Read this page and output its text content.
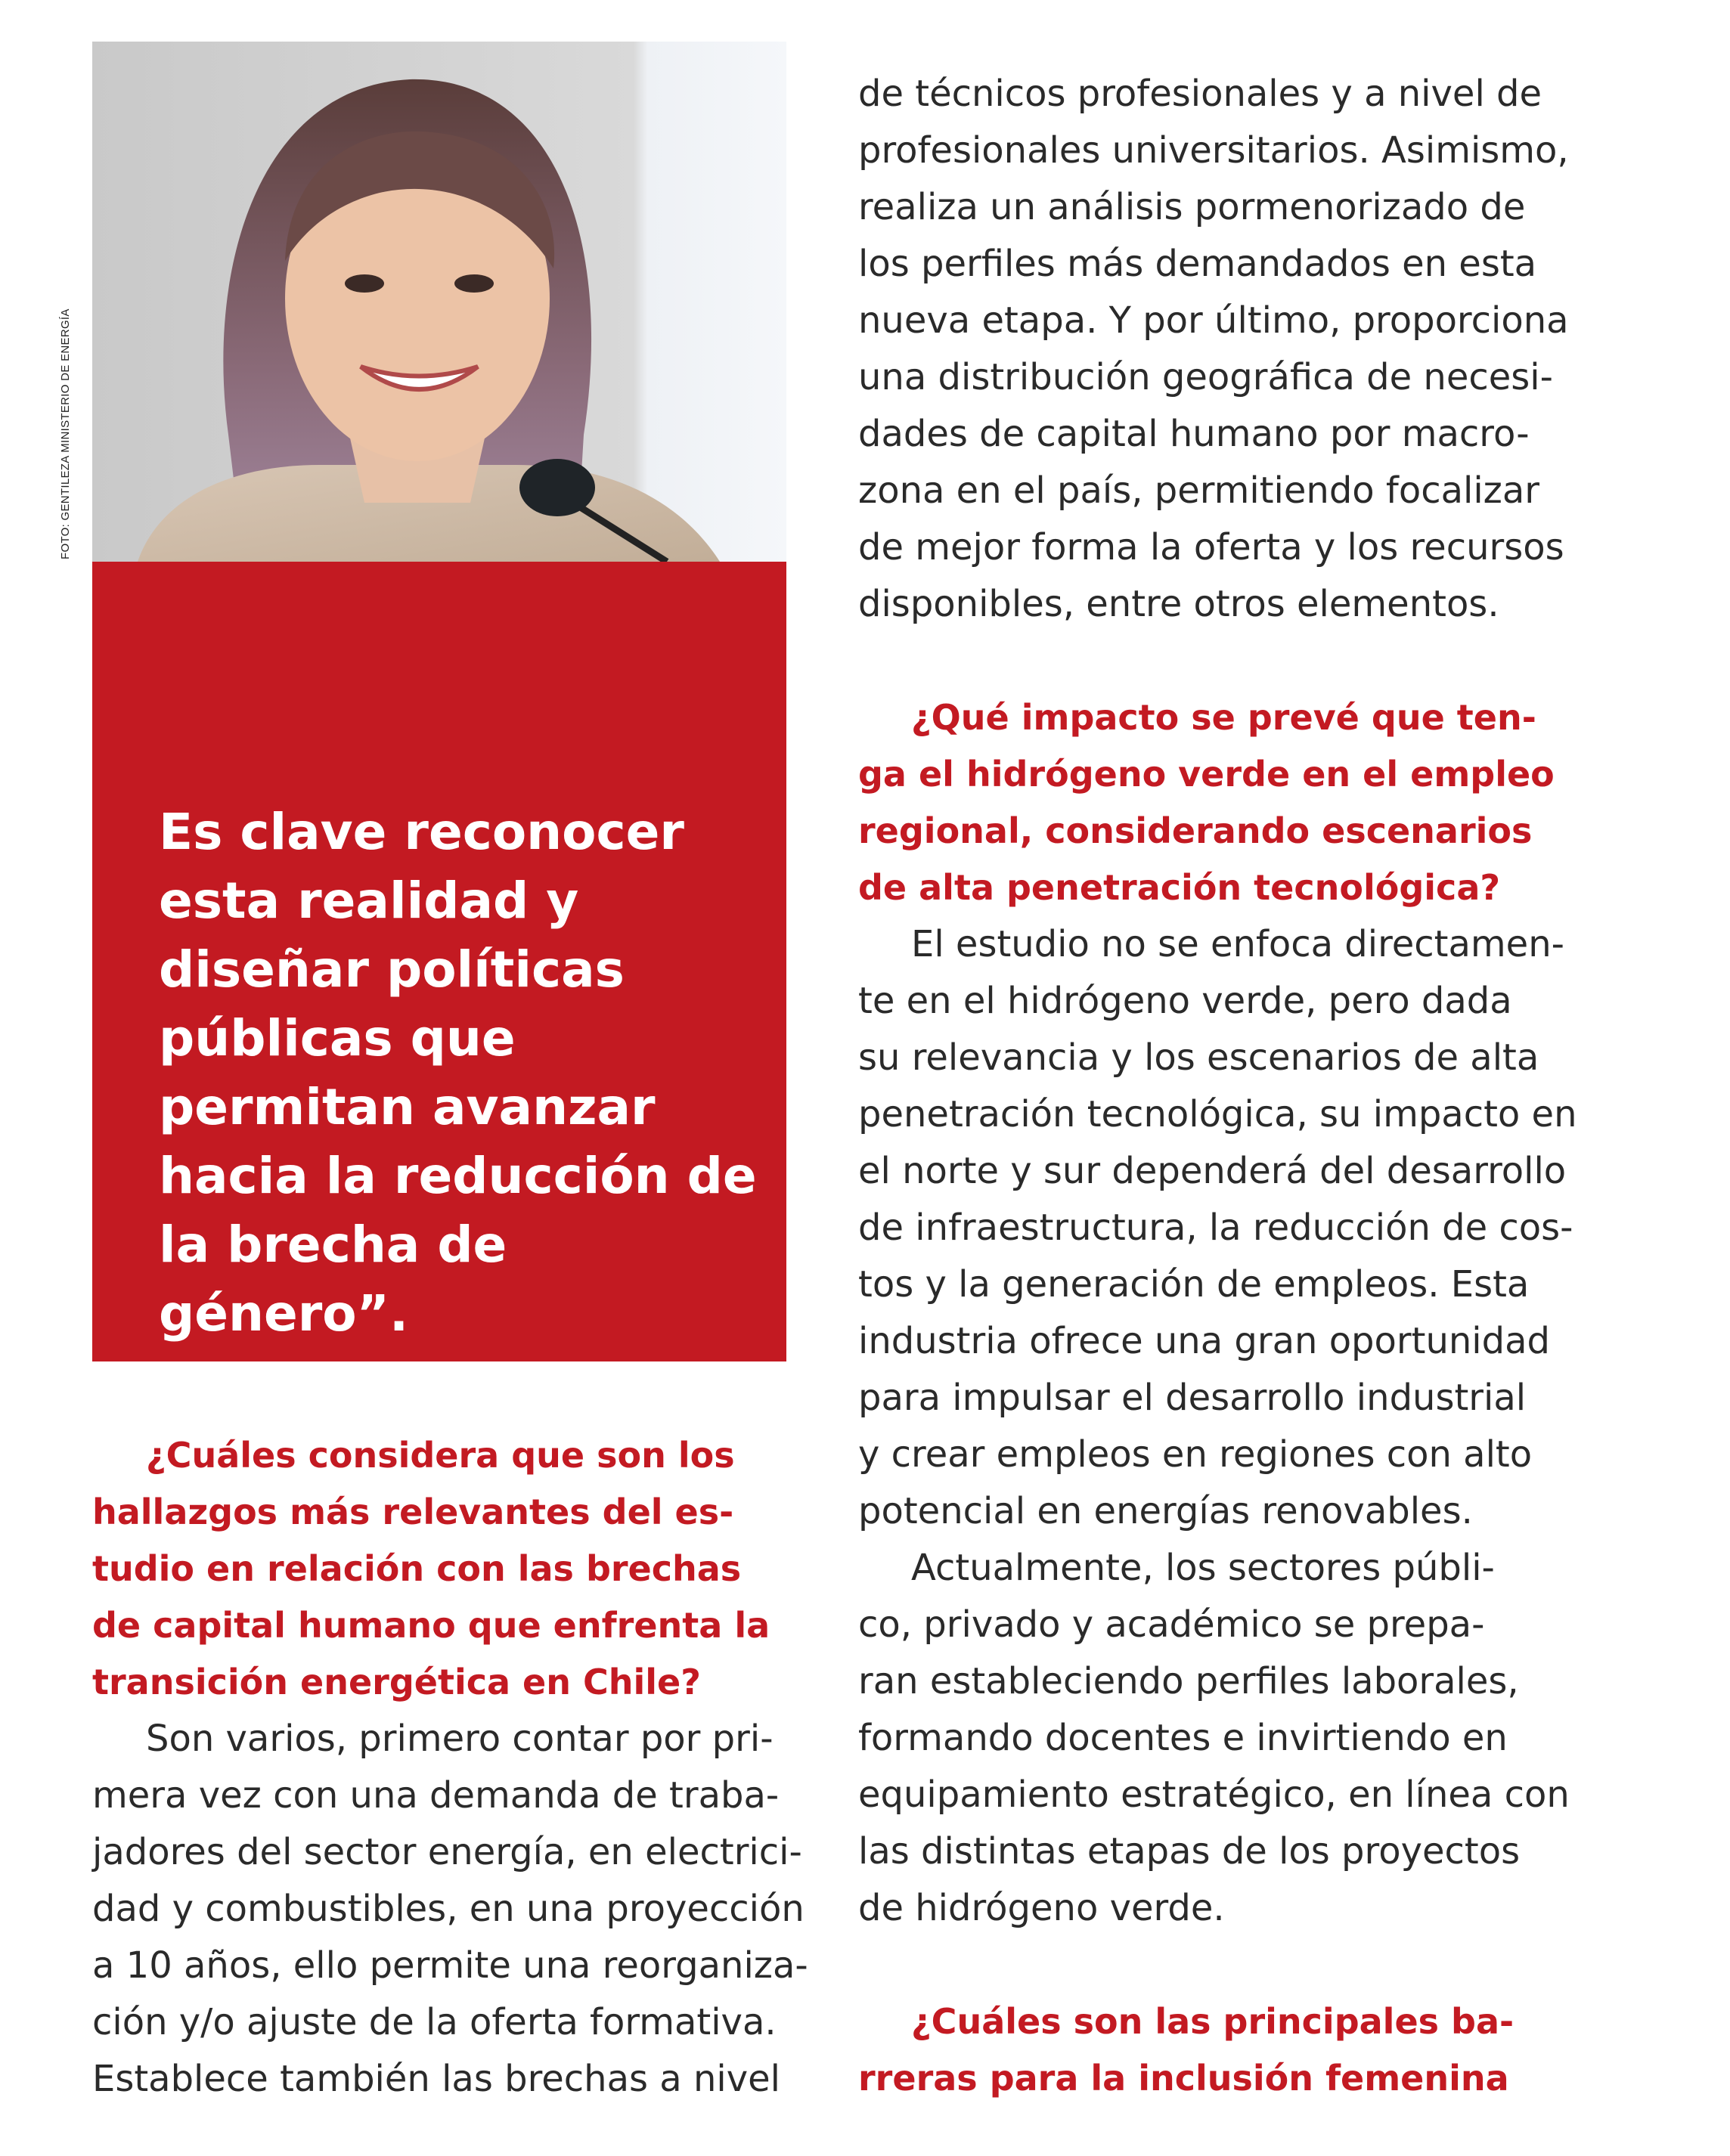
FOTO: GENTILEZA MINISTERIO DE ENERGÍA

Es clave reconocer esta realidad y diseñar políticas públicas que permitan avanzar hacia la reducción de la brecha de género”.

¿Cuáles considera que son los
hallazgos más relevantes del es-
tudio en relación con las brechas
de capital humano que enfrenta la
transición energética en Chile?
Son varios, primero contar por pri-
mera vez con una demanda de traba-
jadores del sector energía, en electrici-
dad y combustibles, en una proyección
a 10 años, ello permite una reorganiza-
ción y/o ajuste de la oferta formativa.
Establece también las brechas a nivel
de técnicos profesionales y a nivel de
profesionales universitarios. Asimismo,
realiza un análisis pormenorizado de
los perfiles más demandados en esta
nueva etapa. Y por último, proporciona
una distribución geográfica de necesi-
dades de capital humano por macro-
zona en el país, permitiendo focalizar
de mejor forma la oferta y los recursos
disponibles, entre otros elementos.
¿Qué impacto se prevé que ten-
ga el hidrógeno verde en el empleo
regional, considerando escenarios
de alta penetración tecnológica?
El estudio no se enfoca directamen-
te en el hidrógeno verde, pero dada
su relevancia y los escenarios de alta
penetración tecnológica, su impacto en
el norte y sur dependerá del desarrollo
de infraestructura, la reducción de cos-
tos y la generación de empleos. Esta
industria ofrece una gran oportunidad
para impulsar el desarrollo industrial
y crear empleos en regiones con alto
potencial en energías renovables.
Actualmente, los sectores públi-
co, privado y académico se prepa-
ran estableciendo perfiles laborales,
formando docentes e invirtiendo en
equipamiento estratégico, en línea con
las distintas etapas de los proyectos
de hidrógeno verde.
¿Cuáles son las principales ba-
rreras para la inclusión femenina
